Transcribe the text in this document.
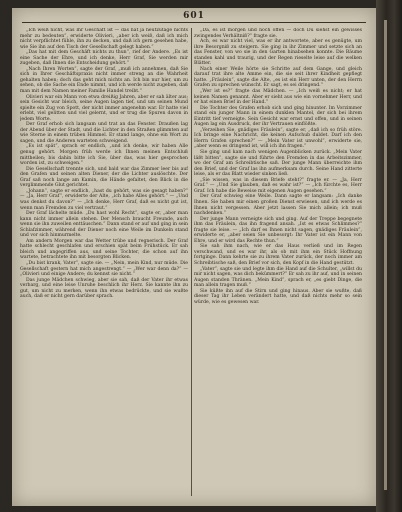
601

„Ich weiß nicht, was Ihr Geschäft ist — das hat ja heutzutage nichts mehr zu bedeuten“, erwiderte Olivieri, „aber ich weiß, daß ich mich nicht verpflichtet fühle, ihn zu decken, und daß ich gern gesehen habe, wie Sie ihn auf den Tisch der Gesellschaft gelegt haben.“

„Das hat mit dem Geschäft nichts zu thun“, rief der Andere. „Es ist eine Sache der Ehre, und ich denke, Herr Graf, Sie werden mir zugeben, daß Ihnen die Entscheidung gehört.“

„Nach Ihren Worten“, sagte der Graf, „muß ich annehmen, daß Sie sich in Ihrer Geschäftspraxis nicht immer streng an die Wahrheit gehalten haben; doch das geht mich nichts an. Ich bin nur hier, um zu sehen, ob die Sache ein Ende nimmt, und ich werde nicht zugeben, daß man mit dem Namen meiner Familie Handel treibt.“

Olivieri war ein Mann von etwa dreißig Jahren, aber er sah älter aus; sein Gesicht war bleich, seine Augen lagen tief, und um seinen Mund spielte ein Zug von Spott, der nicht immer angenehm war. Er hatte viel erlebt, viel gelitten und viel gelernt, und er trug die Spuren davon in jedem Worte.

Der Graf erhob sich langsam und trat an das Fenster. Draußen lag der Abend über der Stadt, und die Lichter in den Straßen glimmten auf wie Sterne in einem trüben Himmel. Er stand lange, ohne ein Wort zu sagen, und die Anderen warteten schweigend.

„Es ist spät“, sprach er endlich, „und ich denke, wir haben Alle genug gehört. Morgen früh werde ich Ihnen meinen Entschluß mittheilen; bis dahin bitte ich Sie, über das, was hier gesprochen worden ist, zu schweigen.“

Die Gesellschaft trennte sich, und bald war das Zimmer leer bis auf den Grafen und seinen alten Diener, der die Lichter auslöschte. Der Graf saß noch lange am Kamin, die Hände gefaltet, den Blick in die verglimmende Glut gerichtet.

„Johann“, sagte er endlich, „hast du gehört, was sie gesagt haben?“ — „Ja, Herr Graf“, erwiderte der Alte, „ich habe Alles gehört.“ — „Und was denkst du davon?“ — „Ich denke, Herr Graf, daß es nicht gut ist, wenn man Fremden zu viel vertraut.“

Der Graf lächelte müde. „Du hast wohl Recht“, sagte er, „aber man kann nicht immer allein stehen. Der Mensch braucht Freunde, auch wenn sie ihn zuweilen enttäuschen.“ Dann stand er auf und ging in sein Schlafzimmer, während der Diener noch eine Weile im Dunkeln stand und vor sich hinmurmelte.

Am andern Morgen war das Wetter trübe und regnerisch. Der Graf hatte schlecht geschlafen und erschien spät beim Frühstück. Er sah bleich und angegriffen aus, und seine Tochter, die schon auf ihn wartete, betrachtete ihn mit besorgten Blicken.

„Du bist krank, Vater“, sagte sie. — „Nein, mein Kind, nur müde. Die Gesellschaft gestern hat mich angestrengt.“ — „Wer war denn da?“ — „Olivieri und einige Andere; du kennst sie nicht.“

Das junge Mädchen schwieg, aber sie sah, daß der Vater ihr etwas verbarg, und eine leise Unruhe beschlich ihr Herz. Sie kannte ihn zu gut, um nicht zu merken, wenn ihn etwas bedrückte, und sie wußte auch, daß er nicht gern darüber sprach.

„Da, es ist morgen und noch offen — doch Du siehst ein gewisses zwingendes Verhältniß?“ fragte sie.

Ach, es war nicht viel, was er ihr antwortete, aber es genügte, um ihre Besorgniß zu steigern. Sie ging in ihr Zimmer und setzte sich an das Fenster, von wo sie in den Garten hinabsehen konnte. Die Bäume standen kahl und traurig, und der Regen rieselte leise auf die welken Blätter.

Nach einer Weile hörte sie Schritte auf dem Gange, und gleich darauf trat ihre alte Amme ein, die sie seit ihrer Kindheit gepflegt hatte. „Fräulein“, sagte die Alte, „es ist ein Herr unten, der den Herrn Grafen zu sprechen wünscht. Er sagt, es sei dringend.“

„Wer ist es?“ fragte das Mädchen. — „Ich weiß es nicht; er hat keinen Namen genannt. Aber er sieht aus wie ein vornehmer Herr, und er hat einen Brief in der Hand.“

Die Tochter des Grafen erhob sich und ging hinunter. Im Vorzimmer stand ein junger Mann in einem dunklen Mantel, der sich bei ihrem Eintritt tief verneigte. Sein Gesicht war ernst und offen, und in seinen Augen lag ein Ausdruck, der ihr Vertrauen einflößte.

„Verzeihen Sie, gnädiges Fräulein“, sagte er, „daß ich so früh störe. Ich bringe eine Nachricht, die keinen Aufschub duldet. Darf ich den Herrn Grafen sprechen?“ — „Mein Vater ist unwohl“, erwiderte sie, „aber wenn es dringend ist, will ich ihn fragen.“

Sie ging und kam nach wenigen Augenblicken zurück. „Mein Vater läßt bitten“, sagte sie und führte den Fremden in das Arbeitszimmer, wo der Graf am Schreibtische saß. Der junge Mann überreichte ihm den Brief, und der Graf las ihn aufmerksam durch. Seine Hand zitterte leise, als er das Blatt wieder sinken ließ.

„Sie wissen, was in diesem Briefe steht?“ fragte er. — „Ja, Herr Graf.“ — „Und Sie glauben, daß es wahr ist?“ — „Ich fürchte es, Herr Graf. Ich habe die Beweise mit eigenen Augen gesehen.“

Der Graf schwieg eine Weile. Dann sagte er langsam: „Ich danke Ihnen. Sie haben mir einen großen Dienst erwiesen, und ich werde es Ihnen nicht vergessen. Aber jetzt lassen Sie mich allein; ich muß nachdenken.“

Der junge Mann verneigte sich und ging. Auf der Treppe begegnete ihm das Fräulein, das ihn fragend ansah. „Ist es etwas Schlimmes?“ fragte sie leise. — „Ich darf es Ihnen nicht sagen, gnädiges Fräulein“, erwiderte er, „aber seien Sie unbesorgt: Ihr Vater ist ein Mann von Ehre, und er wird das Rechte thun.“

Sie sah ihm nach, wie er das Haus verließ und im Regen verschwand, und es war ihr, als ob mit ihm ein Stück Hoffnung fortginge. Dann kehrte sie zu ihrem Vater zurück, der noch immer am Schreibtische saß, den Brief vor sich, den Kopf in die Hand gestützt.

„Vater“, sagte sie und legte ihm die Hand auf die Schulter, „willst du mir nicht sagen, was dich bekümmert?“ Er sah zu ihr auf, und in seinen Augen standen Thränen. „Mein Kind“, sprach er, „es giebt Dinge, die man allein tragen muß.“

Sie küßte ihn auf die Stirn und ging hinaus. Aber sie wußte, daß dieser Tag ihr Leben verändert hatte, und daß nichts mehr so sein würde, wie es gewesen war.
